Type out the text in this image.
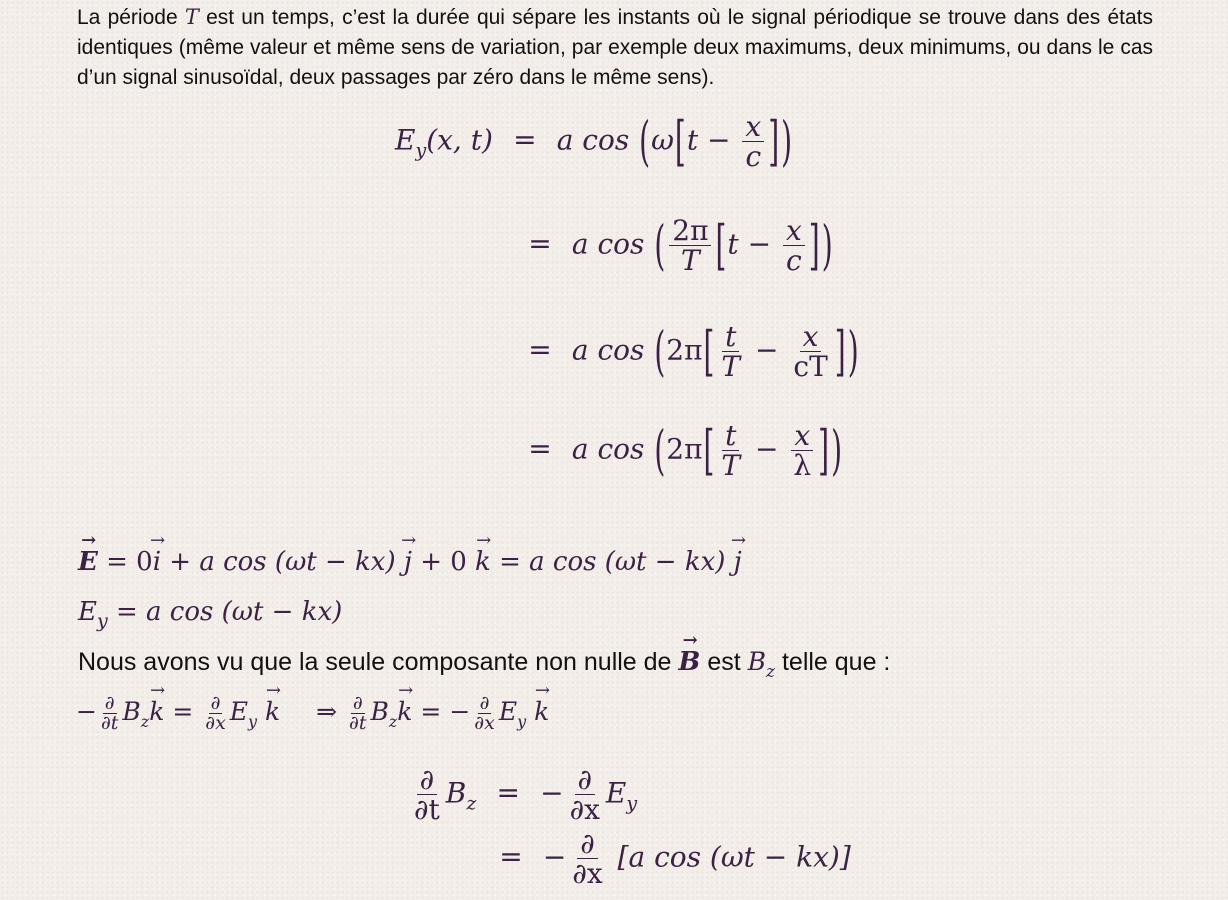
La période T est un temps, c’est la durée qui sépare les instants où le signal périodique se trouve dans des états identiques (même valeur et même sens de variation, par exemple deux maximums, deux minimums, ou dans le cas d’un signal sinusoïdal, deux passages par zéro dans le même sens).

$E_y(x$, t) = a $\cos (\omega[t - \frac{x}{c}$ ])
= a cos ( $\frac{2\pi}{T} [t - \frac{x}{c}$ ])
= a $\cos (2\pi[ \frac{t}{T} - \frac{x}{cT}$ ])
= a $\cos (2\pi[ \frac{t}{T} - \frac{x}{\lambda}$ ])
→ E = 0→ i + a cos (ωt − kx) → j + 0 → k = a cos (ωt − kx) → j
$E_y = a$ cos (ωt − kx)
Nous avons vu que la seule composante non nulle de → B est $B_z$ telle que :
− $\frac{\partial}{\partial t} B_z\to k = \frac{\partial}{\partial x} E_y \to k$ ⇒ $\frac{\partial}{\partial t} B_z\to k$ = − $\frac{\partial}{\partial x} E_y \to k$
$\frac{\partial}{\partial t} B_z$ = − $\frac{\partial}{\partial x} E_y$
= − $\frac{\partial}{\partial x} [a$ cos (ωt − kx)]
